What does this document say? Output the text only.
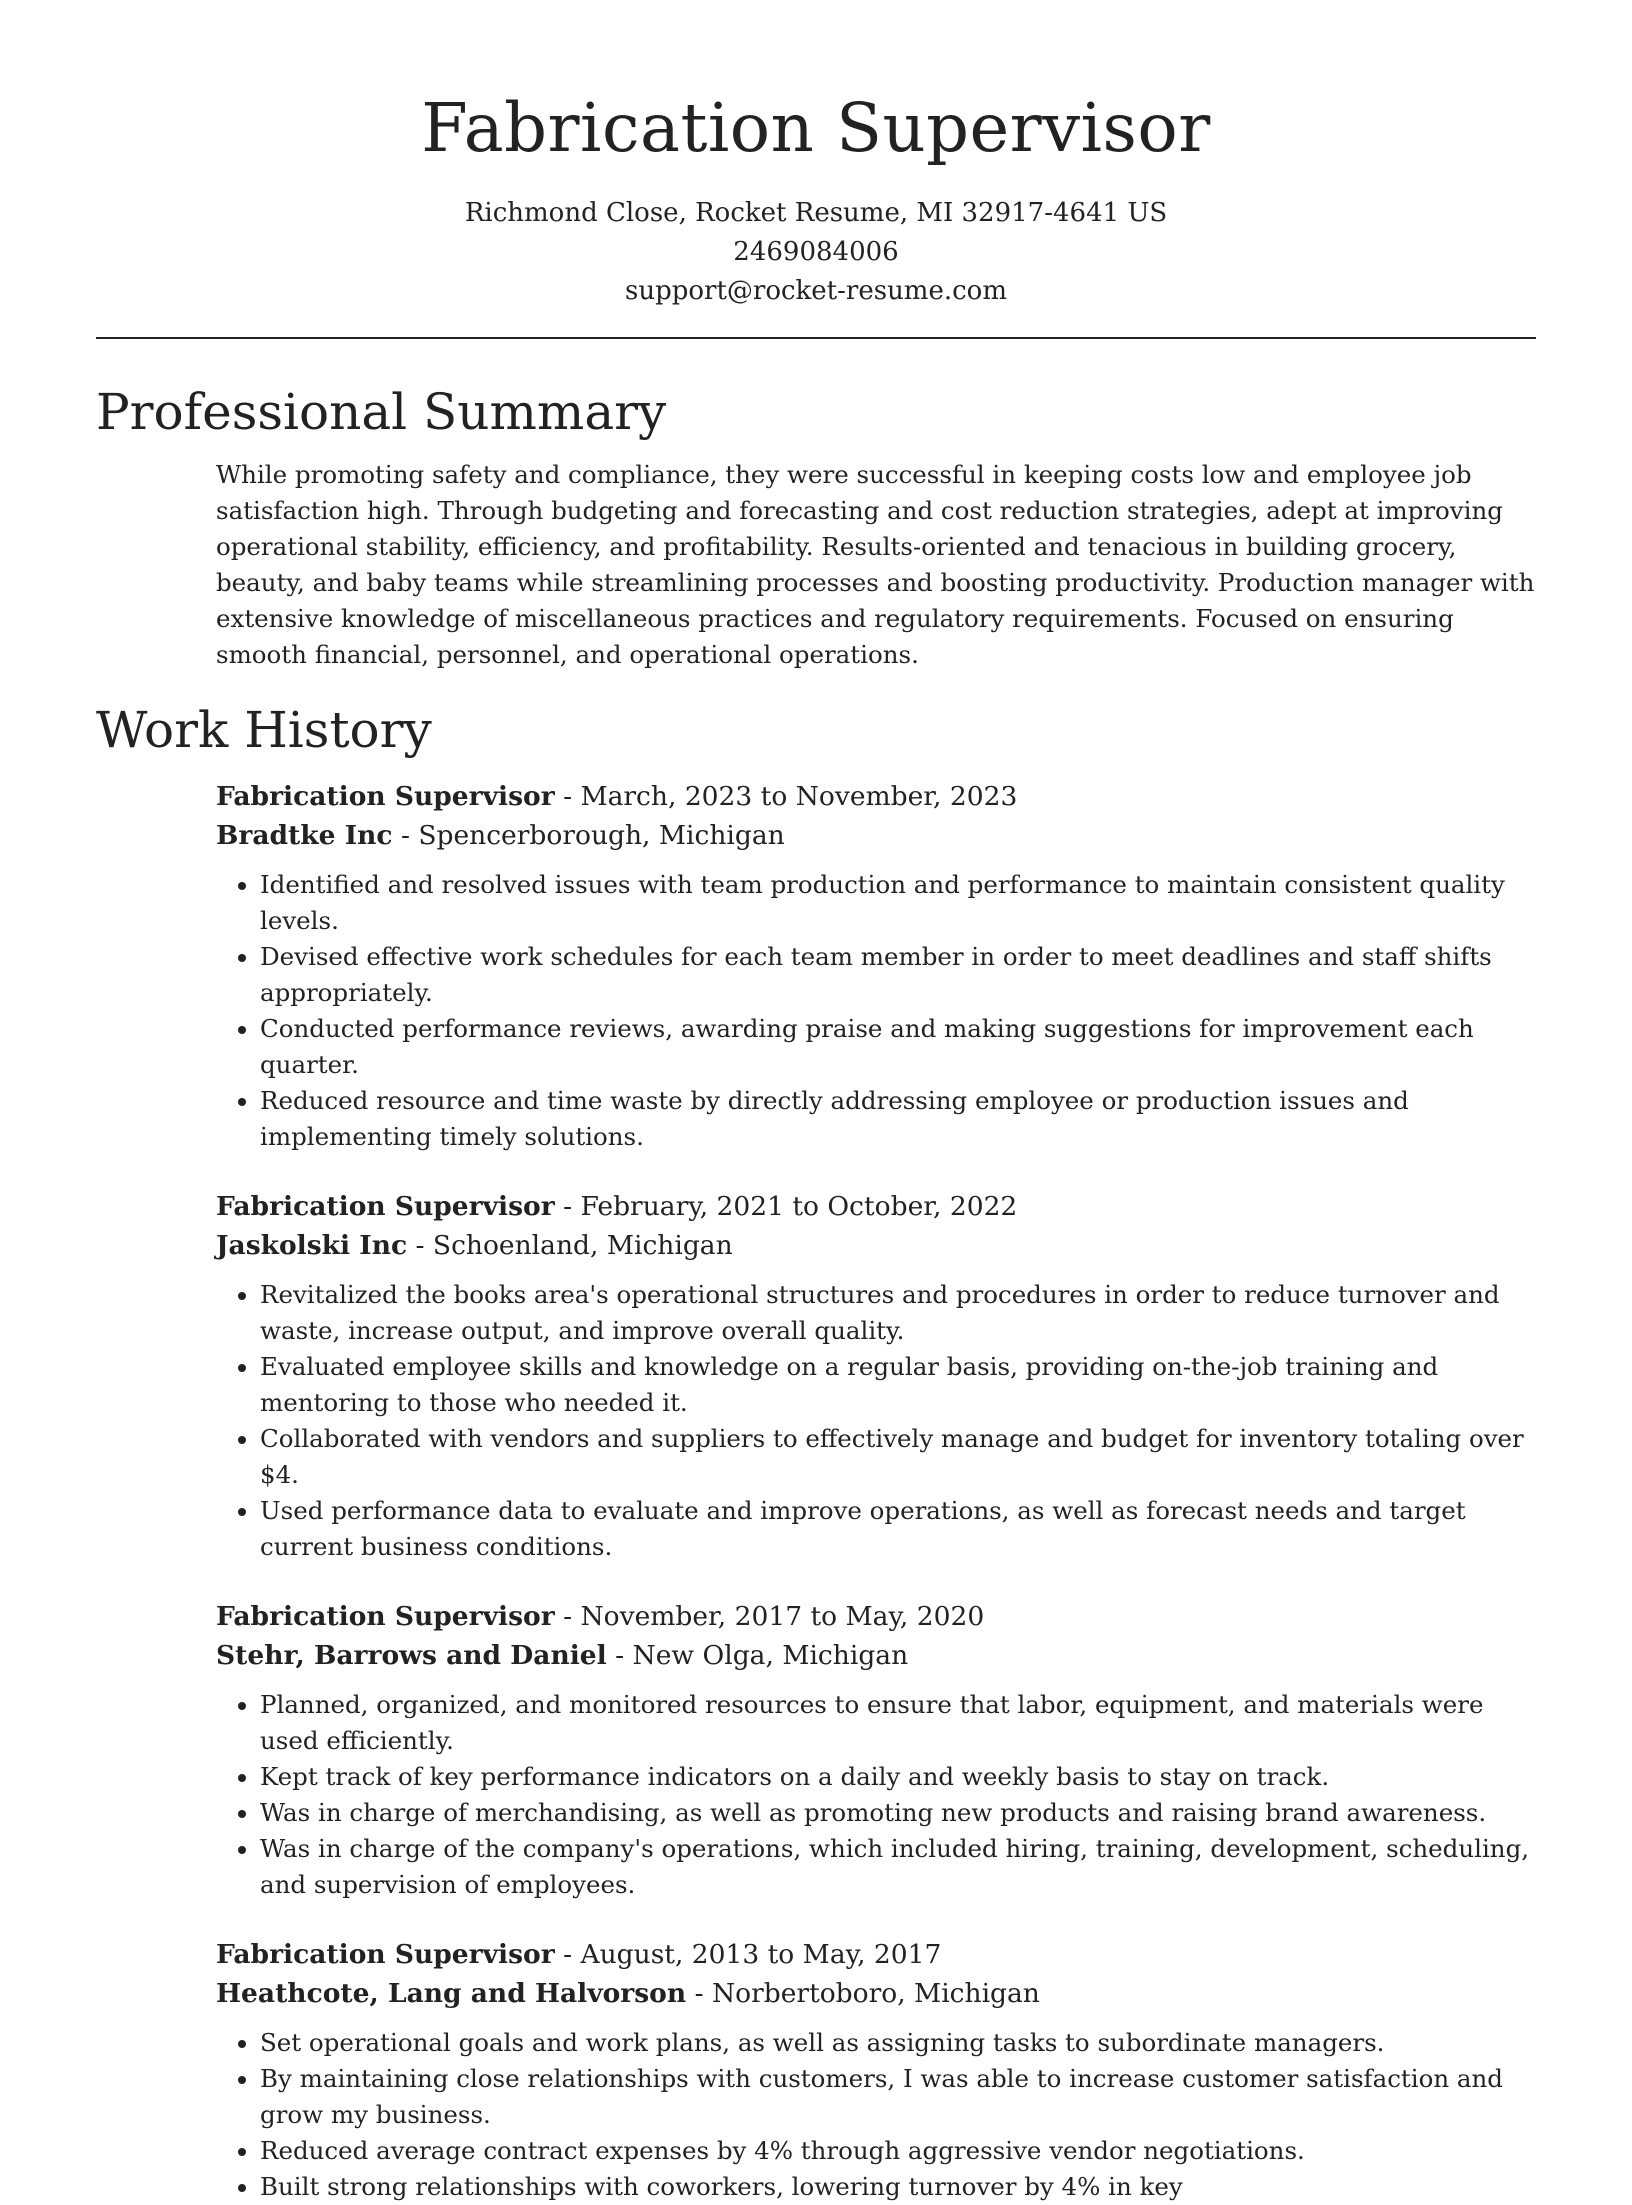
Fabrication Supervisor
Richmond Close, Rocket Resume, MI 32917-4641 US
2469084006
support@rocket-resume.com
Professional Summary

While promoting safety and compliance, they were successful in keeping costs low and employee job satisfaction high. Through budgeting and forecasting and cost reduction strategies, adept at improving operational stability, efficiency, and profitability. Results-oriented and tenacious in building grocery, beauty, and baby teams while streamlining processes and boosting productivity. Production manager with extensive knowledge of miscellaneous practices and regulatory requirements. Focused on ensuring smooth financial, personnel, and operational operations.

Work History
Fabrication Supervisor - March, 2023 to November, 2023
Bradtke Inc - Spencerborough, Michigan
• Identified and resolved issues with team production and performance to maintain consistent quality levels.
• Devised effective work schedules for each team member in order to meet deadlines and staff shifts appropriately.
• Conducted performance reviews, awarding praise and making suggestions for improvement each quarter.
• Reduced resource and time waste by directly addressing employee or production issues and implementing timely solutions.
Fabrication Supervisor - February, 2021 to October, 2022
Jaskolski Inc - Schoenland, Michigan
• Revitalized the books area's operational structures and procedures in order to reduce turnover and waste, increase output, and improve overall quality.
• Evaluated employee skills and knowledge on a regular basis, providing on-the-job training and mentoring to those who needed it.
• Collaborated with vendors and suppliers to effectively manage and budget for inventory totaling over $4.
• Used performance data to evaluate and improve operations, as well as forecast needs and target current business conditions.
Fabrication Supervisor - November, 2017 to May, 2020
Stehr, Barrows and Daniel - New Olga, Michigan
• Planned, organized, and monitored resources to ensure that labor, equipment, and materials were used efficiently.
• Kept track of key performance indicators on a daily and weekly basis to stay on track.
• Was in charge of merchandising, as well as promoting new products and raising brand awareness.
• Was in charge of the company's operations, which included hiring, training, development, scheduling, and supervision of employees.
Fabrication Supervisor - August, 2013 to May, 2017
Heathcote, Lang and Halvorson - Norbertoboro, Michigan
• Set operational goals and work plans, as well as assigning tasks to subordinate managers.
• By maintaining close relationships with customers, I was able to increase customer satisfaction and grow my business.
• Reduced average contract expenses by 4% through aggressive vendor negotiations.
• Built strong relationships with coworkers, lowering turnover by 4% in key
